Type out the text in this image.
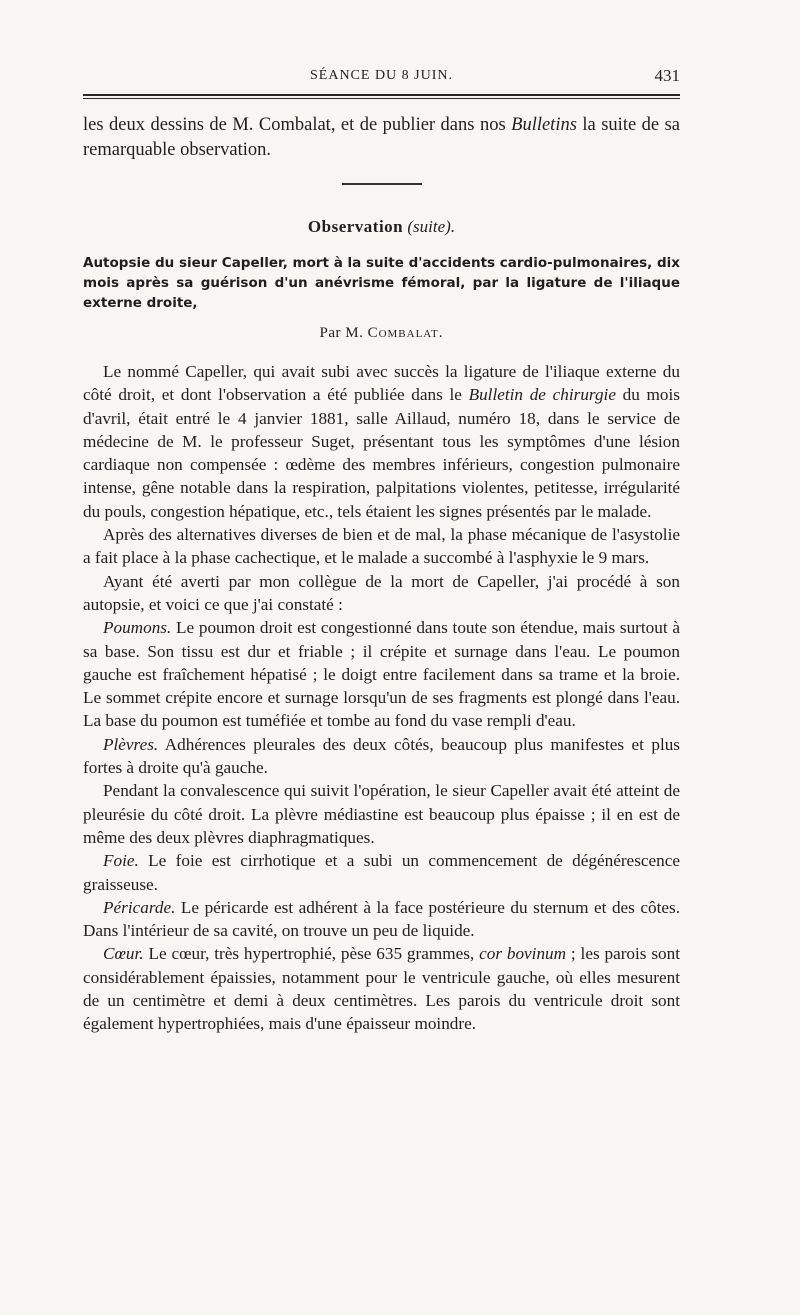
SÉANCE DU 8 JUIN.	431
les deux dessins de M. Combalat, et de publier dans nos Bulletins la suite de sa remarquable observation.
Observation (suite).
Autopsie du sieur Capeller, mort à la suite d'accidents cardio-pulmonaires, dix mois après sa guérison d'un anévrisme fémoral, par la ligature de l'iliaque externe droite,
Par M. Combalat.

Le nommé Capeller, qui avait subi avec succès la ligature de l'iliaque externe du côté droit, et dont l'observation a été publiée dans le Bulletin de chirurgie du mois d'avril, était entré le 4 janvier 1881, salle Aillaud, numéro 18, dans le service de médecine de M. le professeur Suget, présentant tous les symptômes d'une lésion cardiaque non compensée : œdème des membres inférieurs, congestion pulmonaire intense, gêne notable dans la respiration, palpitations violentes, petitesse, irrégularité du pouls, congestion hépatique, etc., tels étaient les signes présentés par le malade.

Après des alternatives diverses de bien et de mal, la phase mécanique de l'asystolie a fait place à la phase cachectique, et le malade a succombé à l'asphyxie le 9 mars.

Ayant été averti par mon collègue de la mort de Capeller, j'ai procédé à son autopsie, et voici ce que j'ai constaté :

Poumons. Le poumon droit est congestionné dans toute son étendue, mais surtout à sa base. Son tissu est dur et friable ; il crépite et surnage dans l'eau. Le poumon gauche est fraîchement hépatisé ; le doigt entre facilement dans sa trame et la broie. Le sommet crépite encore et surnage lorsqu'un de ses fragments est plongé dans l'eau. La base du poumon est tuméfiée et tombe au fond du vase rempli d'eau.

Plèvres. Adhérences pleurales des deux côtés, beaucoup plus manifestes et plus fortes à droite qu'à gauche.

Pendant la convalescence qui suivit l'opération, le sieur Capeller avait été atteint de pleurésie du côté droit. La plèvre médiastine est beaucoup plus épaisse ; il en est de même des deux plèvres diaphragmatiques.

Foie. Le foie est cirrhotique et a subi un commencement de dégénérescence graisseuse.

Péricarde. Le péricarde est adhérent à la face postérieure du sternum et des côtes. Dans l'intérieur de sa cavité, on trouve un peu de liquide.

Cœur. Le cœur, très hypertrophié, pèse 635 grammes, cor bovinum ; les parois sont considérablement épaissies, notamment pour le ventricule gauche, où elles mesurent de un centimètre et demi à deux centimètres. Les parois du ventricule droit sont également hypertrophiées, mais d'une épaisseur moindre.
